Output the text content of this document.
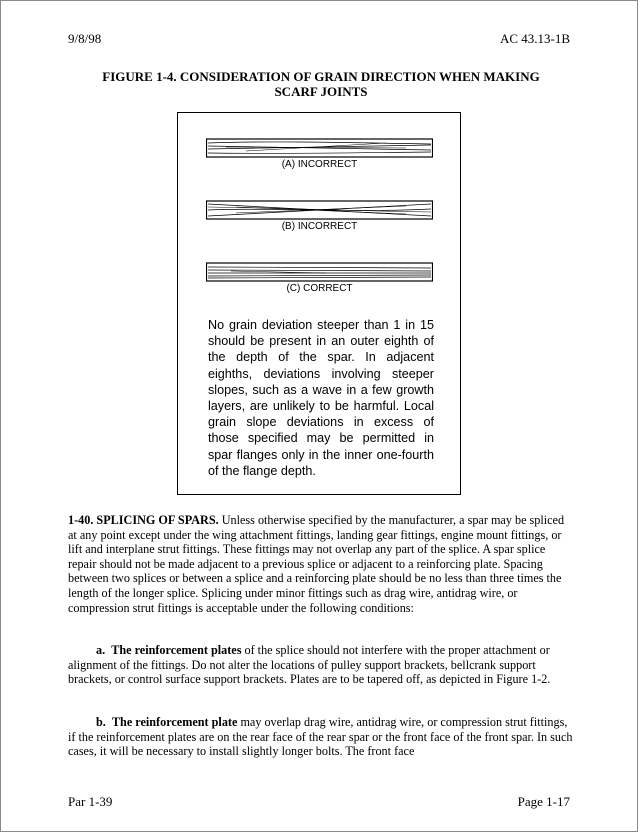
9/8/98	AC 43.13-1B
FIGURE 1-4. CONSIDERATION OF GRAIN DIRECTION WHEN MAKING
SCARF JOINTS
(A) INCORRECT
(B) INCORRECT
(C) CORRECT
No grain deviation steeper than 1 in 15 should be present in an outer eighth of the depth of the spar. In adjacent eighths, deviations involving steeper slopes, such as a wave in a few growth layers, are unlikely to be harmful. Local grain slope deviations in excess of those specified may be permitted in spar flanges only in the inner one-fourth of the flange depth.
1-40. SPLICING OF SPARS. Unless otherwise specified by the manufacturer, a spar may be spliced at any point except under the wing attachment fittings, landing gear fittings, engine mount fittings, or lift and interplane strut fittings. These fittings may not overlap any part of the splice. A spar splice repair should not be made adjacent to a previous splice or adjacent to a reinforcing plate. Spacing between two splices or between a splice and a reinforcing plate should be no less than three times the length of the longer splice. Splicing under minor fittings such as drag wire, antidrag wire, or compression strut fittings is acceptable under the following conditions:
a. The reinforcement plates of the splice should not interfere with the proper attachment or alignment of the fittings. Do not alter the locations of pulley support brackets, bellcrank support brackets, or control surface support brackets. Plates are to be tapered off, as depicted in Figure 1-2.
b. The reinforcement plate may overlap drag wire, antidrag wire, or compression strut fittings, if the reinforcement plates are on the rear face of the rear spar or the front face of the front spar. In such cases, it will be necessary to install slightly longer bolts. The front face
Par 1-39	Page 1-17
